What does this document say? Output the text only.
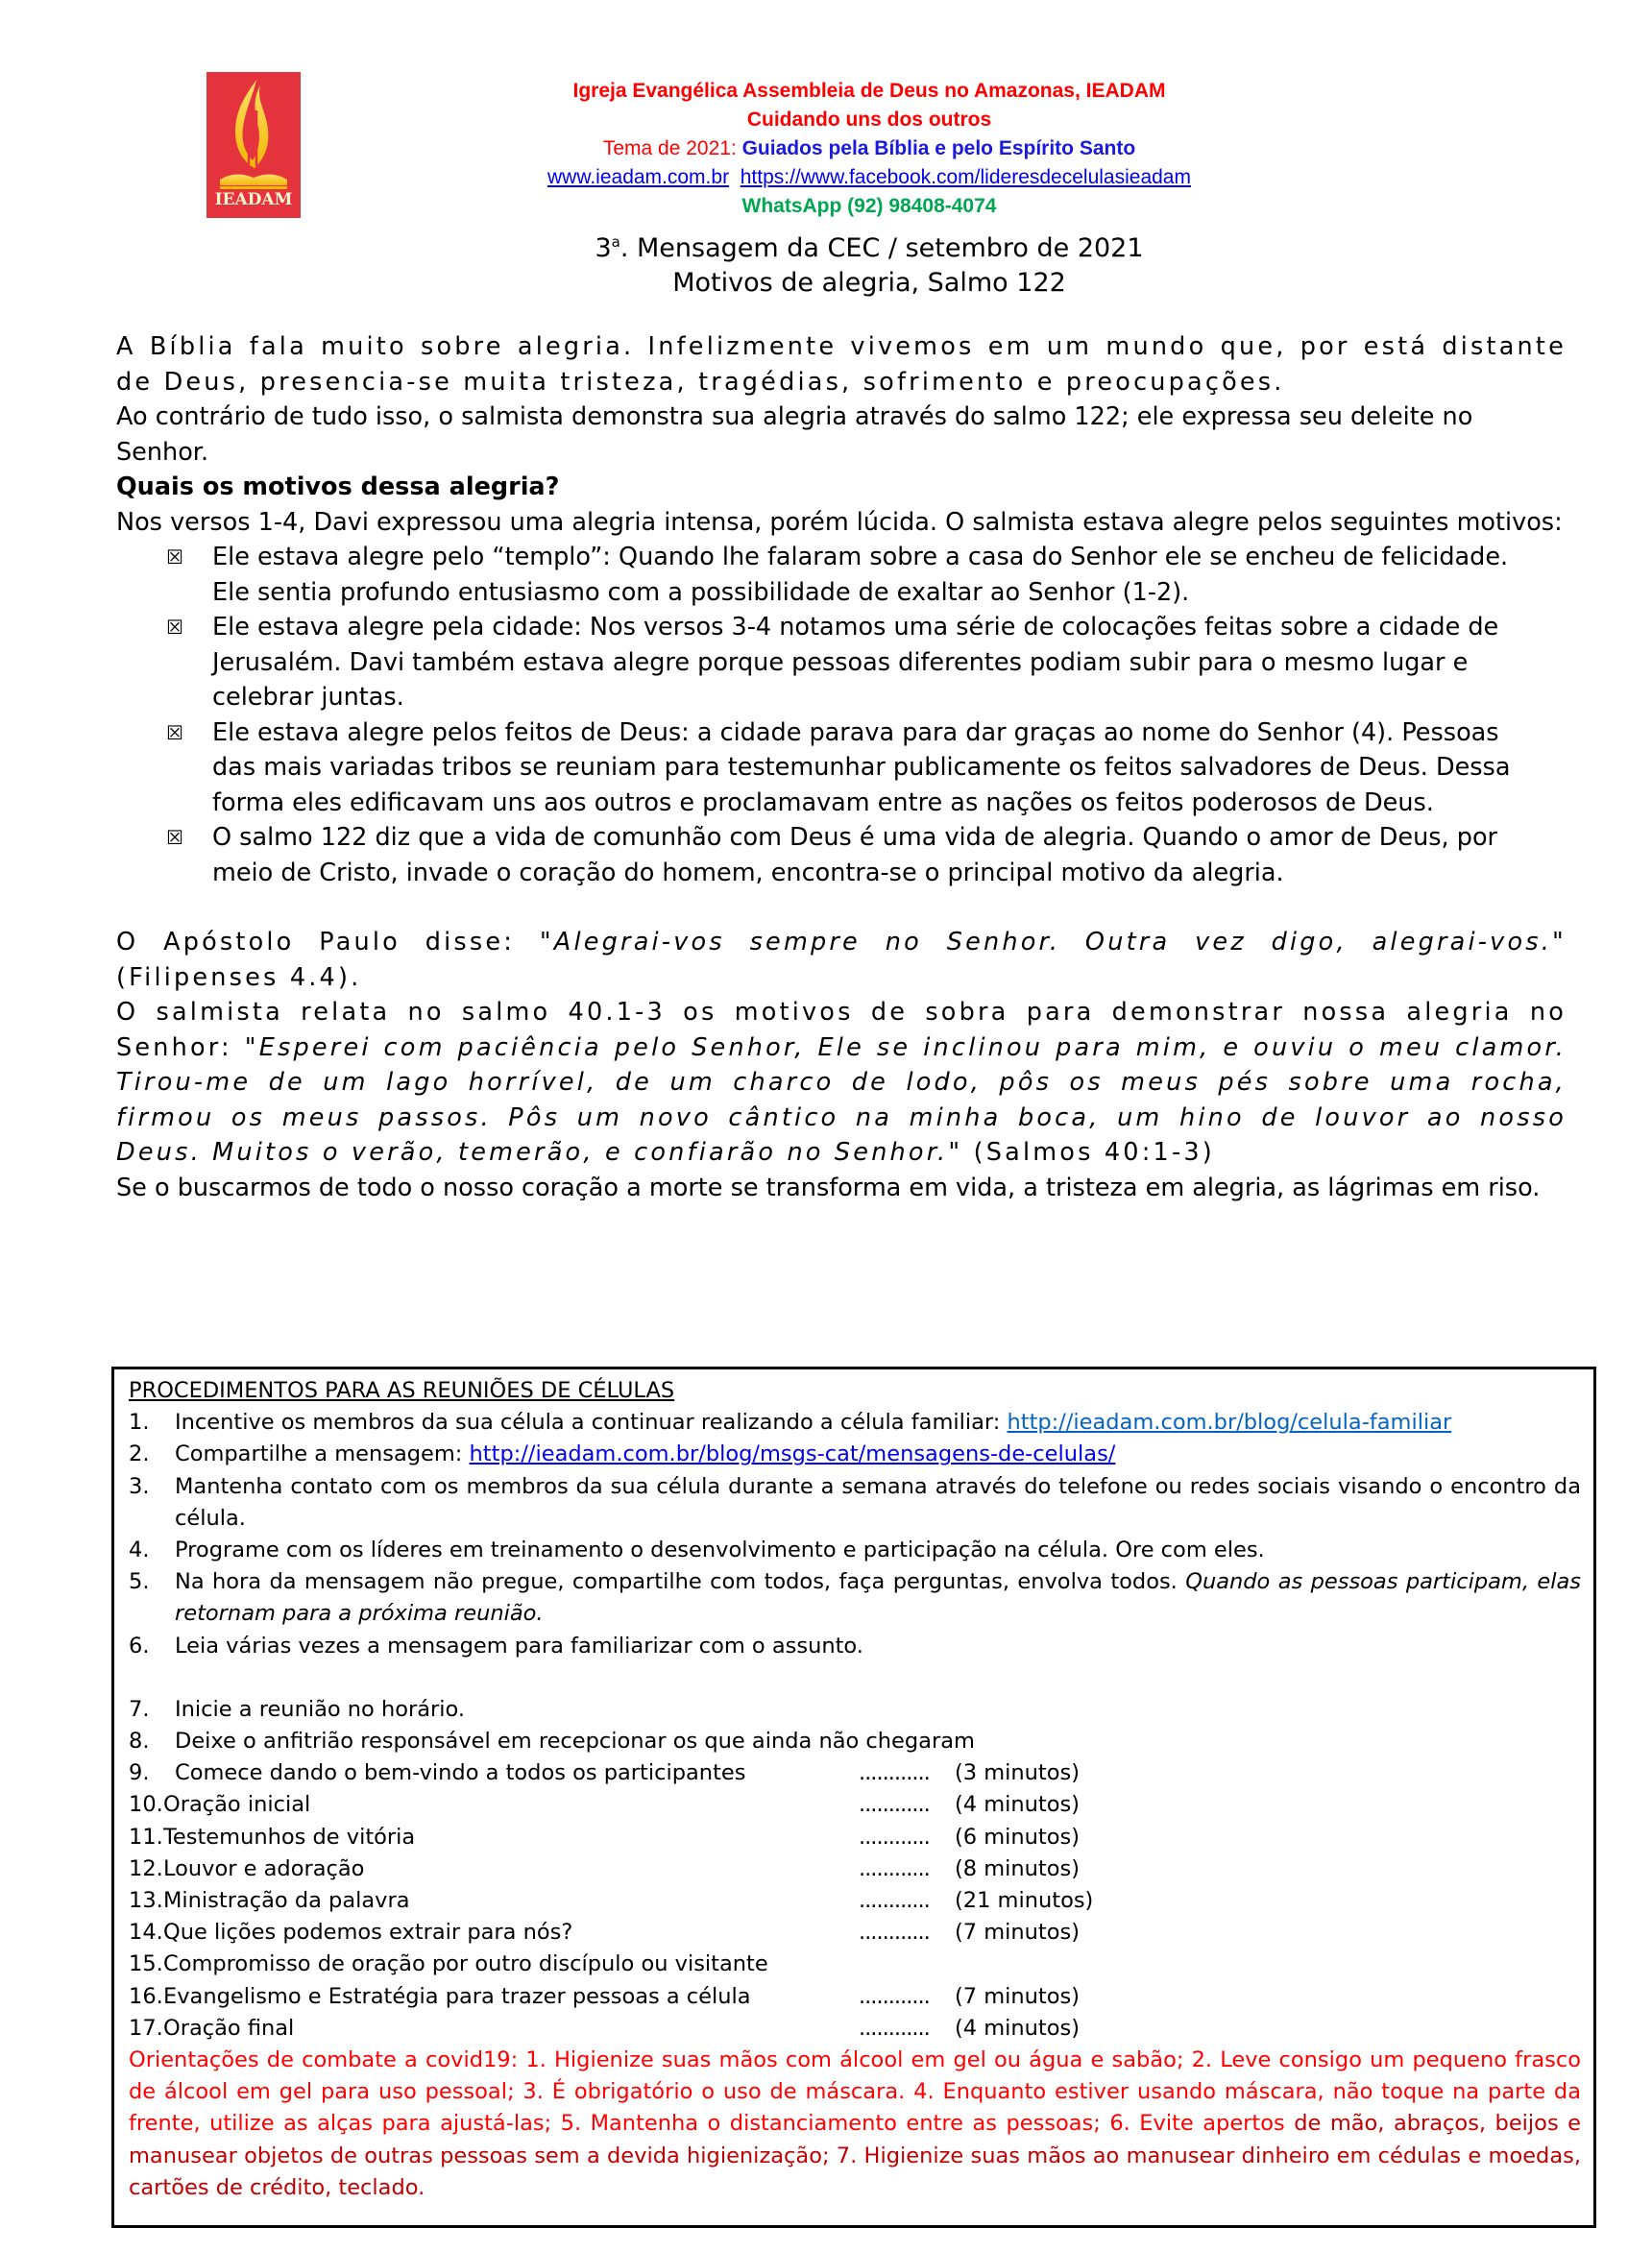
IEADAM
Igreja Evangélica Assembleia de Deus no Amazonas, IEADAM
Cuidando uns dos outros
Tema de 2021: Guiados pela Bíblia e pelo Espírito Santo
www.ieadam.com.br https://www.facebook.com/lideresdecelulasieadam
WhatsApp (92) 98408-4074
3$^a$. Mensagem da CEC / setembro de 2021
Motivos de alegria, Salmo 122

A Bíblia fala muito sobre alegria. Infelizmente vivemos em um mundo que, por está distante de Deus, presencia-se muita tristeza, tragédias, sofrimento e preocupações.

Ao contrário de tudo isso, o salmista demonstra sua alegria através do salmo 122; ele expressa seu deleite no Senhor.

Quais os motivos dessa alegria?

Nos versos 1-4, Davi expressou uma alegria intensa, porém lúcida. O salmista estava alegre pelos seguintes motivos:

☒ Ele estava alegre pelo “templo”: Quando lhe falaram sobre a casa do Senhor ele se encheu de felicidade. Ele sentia profundo entusiasmo com a possibilidade de exaltar ao Senhor (1-2).
☒ Ele estava alegre pela cidade: Nos versos 3-4 notamos uma série de colocações feitas sobre a cidade de Jerusalém. Davi também estava alegre porque pessoas diferentes podiam subir para o mesmo lugar e celebrar juntas.
☒ Ele estava alegre pelos feitos de Deus: a cidade parava para dar graças ao nome do Senhor (4). Pessoas das mais variadas tribos se reuniam para testemunhar publicamente os feitos salvadores de Deus. Dessa forma eles edificavam uns aos outros e proclamavam entre as nações os feitos poderosos de Deus.
☒ O salmo 122 diz que a vida de comunhão com Deus é uma vida de alegria. Quando o amor de Deus, por meio de Cristo, invade o coração do homem, encontra-se o principal motivo da alegria.

O Apóstolo Paulo disse: "Alegrai-vos sempre no Senhor. Outra vez digo, alegrai-vos." (Filipenses 4.4).

O salmista relata no salmo 40.1-3 os motivos de sobra para demonstrar nossa alegria no Senhor: "Esperei com paciência pelo Senhor, Ele se inclinou para mim, e ouviu o meu clamor. Tirou-me de um lago horrível, de um charco de lodo, pôs os meus pés sobre uma rocha, firmou os meus passos. Pôs um novo cântico na minha boca, um hino de louvor ao nosso Deus. Muitos o verão, temerão, e confiarão no Senhor." (Salmos 40:1-3)

Se o buscarmos de todo o nosso coração a morte se transforma em vida, a tristeza em alegria, as lágrimas em riso.

PROCEDIMENTOS PARA AS REUNIÕES DE CÉLULAS
1. Incentive os membros da sua célula a continuar realizando a célula familiar: http://ieadam.com.br/blog/celula-familiar
2. Compartilhe a mensagem: http://ieadam.com.br/blog/msgs-cat/mensagens-de-celulas/
3. Mantenha contato com os membros da sua célula durante a semana através do telefone ou redes sociais visando o encontro da célula.
4. Programe com os líderes em treinamento o desenvolvimento e participação na célula. Ore com eles.
5. Na hora da mensagem não pregue, compartilhe com todos, faça perguntas, envolva todos. Quando as pessoas participam, elas retornam para a próxima reunião.
6. Leia várias vezes a mensagem para familiarizar com o assunto.
7. Inicie a reunião no horário.
8. Deixe o anfitrião responsável em recepcionar os que ainda não chegaram
9. Comece dando o bem-vindo a todos os participantes	............	(3 minutos)
10.Oração inicial	............	(4 minutos)
11.Testemunhos de vitória	............	(6 minutos)
12.Louvor e adoração	............	(8 minutos)
13.Ministração da palavra	............	(21 minutos)
14.Que lições podemos extrair para nós?	............	(7 minutos)
15.Compromisso de oração por outro discípulo ou visitante
16.Evangelismo e Estratégia para trazer pessoas a célula	............	(7 minutos)
17.Oração final	............	(4 minutos)
Orientações de combate a covid19: 1. Higienize suas mãos com álcool em gel ou água e sabão; 2. Leve consigo um pequeno frasco de álcool em gel para uso pessoal; 3. É obrigatório o uso de máscara. 4. Enquanto estiver usando máscara, não toque na parte da frente, utilize as alças para ajustá-las; 5. Mantenha o distanciamento entre as pessoas; 6. Evite apertos de mão, abraços, beijos e manusear objetos de outras pessoas sem a devida higienização; 7. Higienize suas mãos ao manusear dinheiro em cédulas e moedas, cartões de crédito, teclado.
